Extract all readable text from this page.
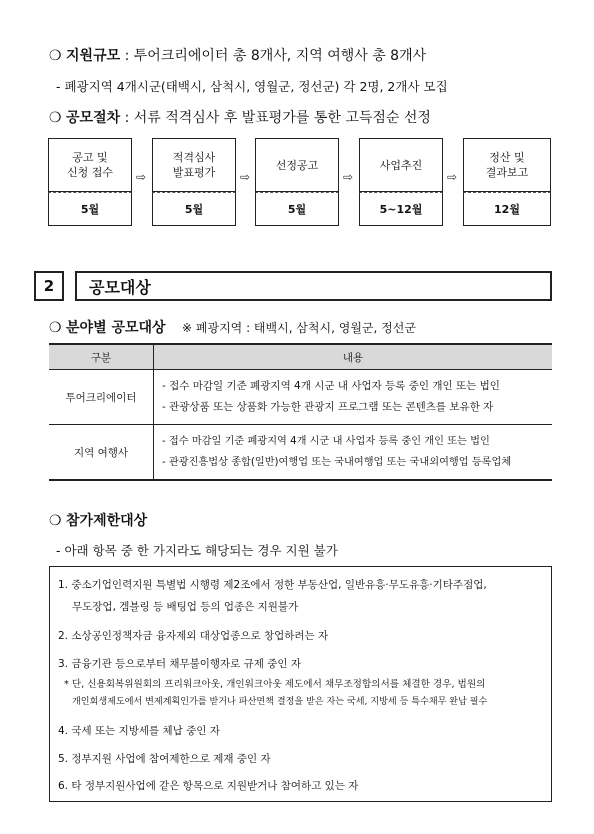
❍ 지원규모 : 투어크리에이터 총 8개사, 지역 여행사 총 8개사
- 폐광지역 4개시군(태백시, 삼척시, 영월군, 정선군) 각 2명, 2개사 모집
❍ 공모절차 : 서류 적격심사 후 발표평가를 통한 고득점순 선정
공고 및
신청 접수
5월
⇨
적격심사
발표평가
5월
⇨
선정공고
5월
⇨
사업추진
5~12월
⇨
정산 및
결과보고
12월
2	공모대상
❍ 분야별 공모대상 ※ 폐광지역 : 태백시, 삼척시, 영월군, 정선군
구분	내용
투어크리에이터	- 접수 마감일 기준 폐광지역 4개 시군 내 사업자 등록 중인 개인 또는 법인
- 관광상품 또는 상품화 가능한 관광지 프로그램 또는 콘텐츠를 보유한 자

지역 여행사	- 접수 마감일 기준 폐광지역 4개 시군 내 사업자 등록 중인 개인 또는 법인
- 관광진흥법상 종합(일반)여행업 또는 국내여행업 또는 국내외여행업 등록업체
❍ 참가제한대상
- 아래 항목 중 한 가지라도 해당되는 경우 지원 불가
1. 중소기업인력지원 특별법 시행령 제2조에서 정한 부동산업, 일반유흥·무도유흥·기타주점업,
무도장업, 겜블링 등 배팅업 등의 업종은 지원불가
2. 소상공인정책자금 융자제외 대상업종으로 창업하려는 자
3. 금융기관 등으로부터 채무불이행자로 규제 중인 자
* 단, 신용회복위원회의 프리워크아웃, 개인워크아웃 제도에서 채무조정합의서를 체결한 경우, 법원의
개인회생제도에서 변제계획인가를 받거나 파산면책 결정을 받은 자는 국세, 지방세 등 특수채무 완납 필수
4. 국세 또는 지방세를 체납 중인 자
5. 정부지원 사업에 참여제한으로 제재 중인 자
6. 타 정부지원사업에 같은 항목으로 지원받거나 참여하고 있는 자
